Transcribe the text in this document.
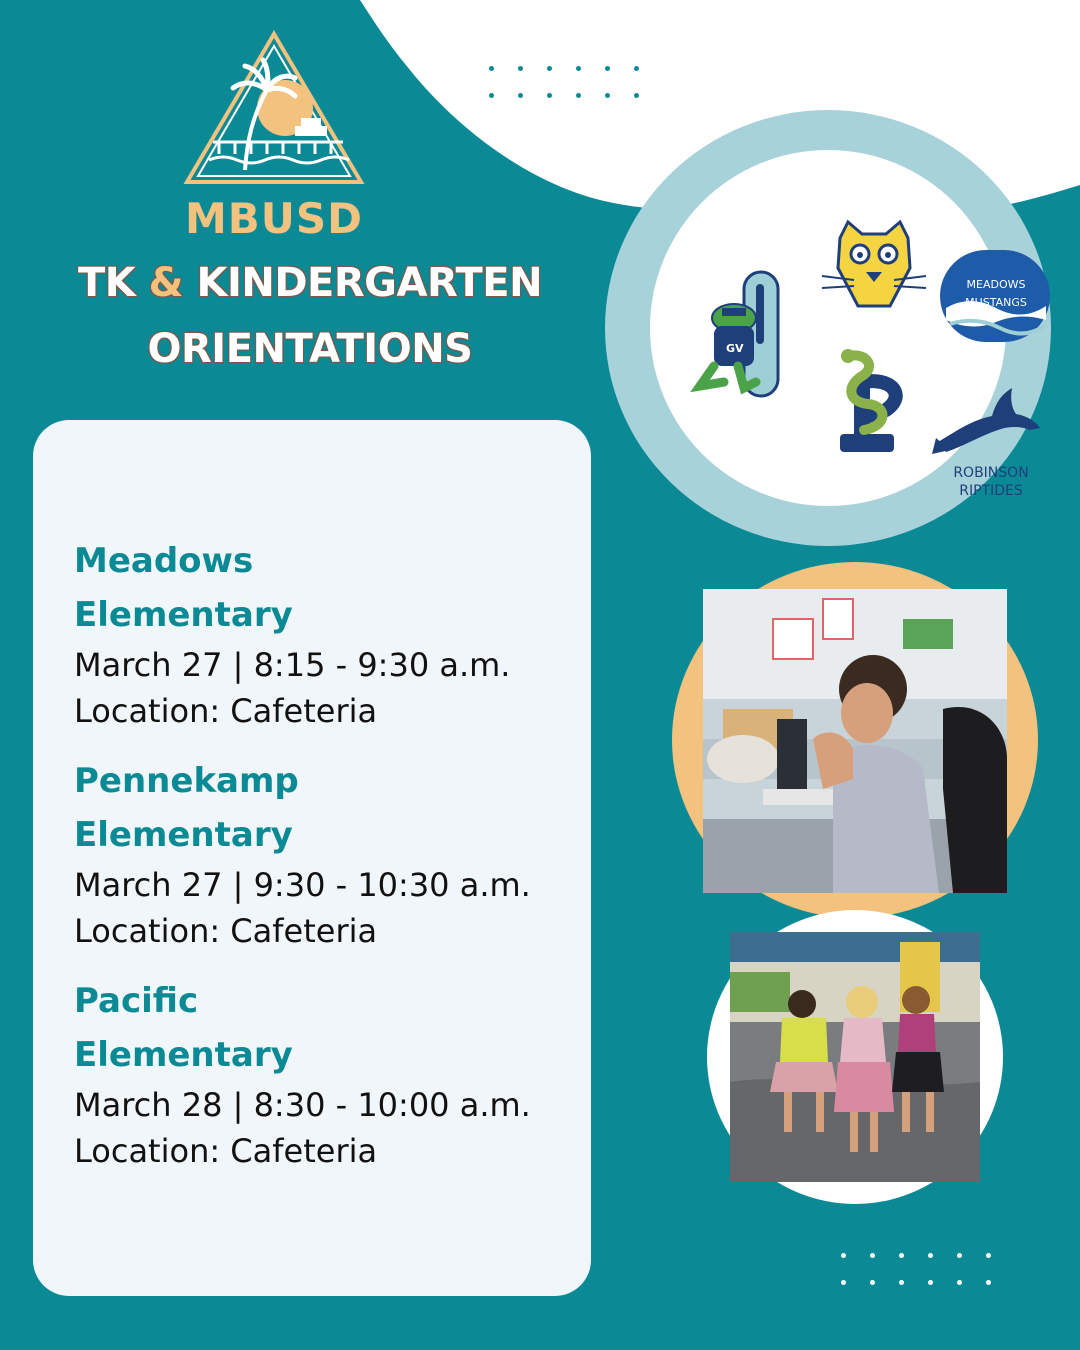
MBUSD
TK & KINDERGARTEN
ORIENTATIONS
Meadows
Elementary
March 27 | 8:15 - 9:30 a.m.
Location: Cafeteria
Pennekamp
Elementary
March 27 | 9:30 - 10:30 a.m.
Location: Cafeteria
Pacific
Elementary
March 28 | 8:30 - 10:00 a.m.
Location: Cafeteria
GV
MEADOWS
MUSTANGS
ROBINSON
RIPTIDES
